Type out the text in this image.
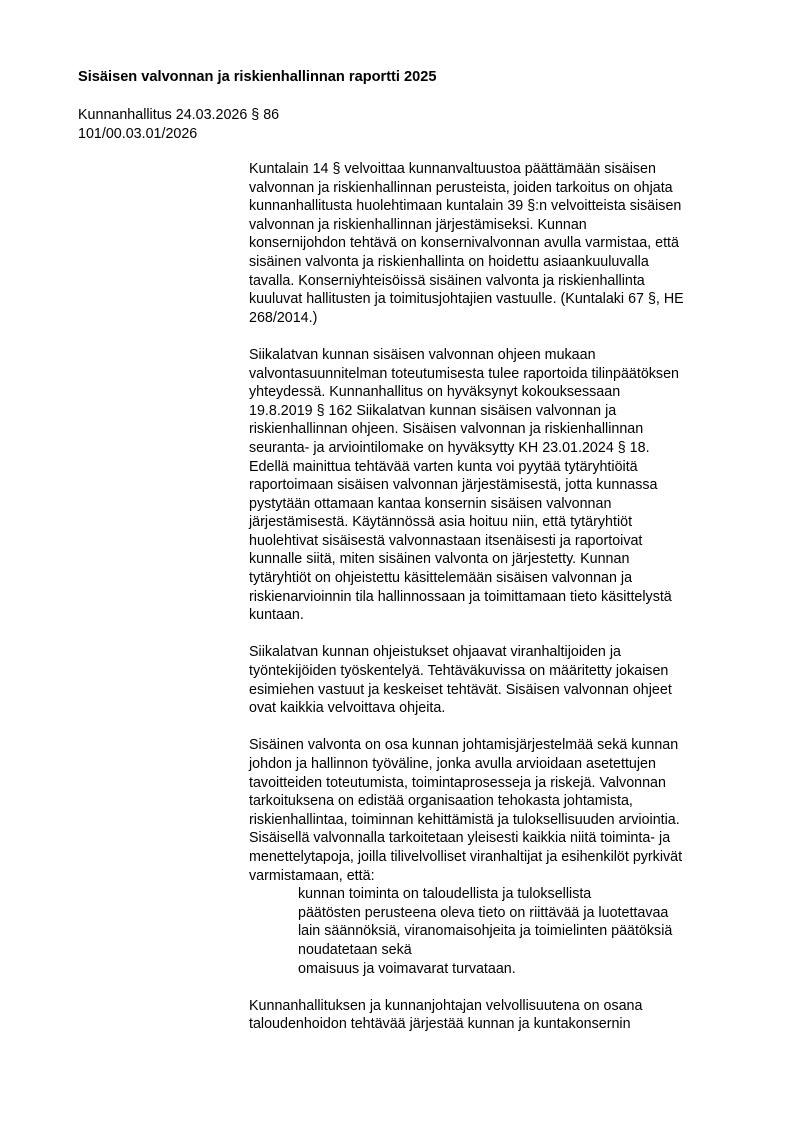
Sisäisen valvonnan ja riskienhallinnan raportti 2025
Kunnanhallitus 24.03.2026 § 86
101/00.03.01/2026
Kuntalain 14 § velvoittaa kunnanvaltuustoa päättämään sisäisen
valvonnan ja riskienhallinnan perusteista, joiden tarkoitus on ohjata
kunnanhallitusta huolehtimaan kuntalain 39 §:n velvoitteista sisäisen
valvonnan ja riskienhallinnan järjestämiseksi. Kunnan
konsernijohdon tehtävä on konsernivalvonnan avulla varmistaa, että
sisäinen valvonta ja riskienhallinta on hoidettu asiaankuuluvalla
tavalla. Konserniyhteisöissä sisäinen valvonta ja riskienhallinta
kuuluvat hallitusten ja toimitusjohtajien vastuulle. (Kuntalaki 67 §, HE
268/2014.)
Siikalatvan kunnan sisäisen valvonnan ohjeen mukaan
valvontasuunnitelman toteutumisesta tulee raportoida tilinpäätöksen
yhteydessä. Kunnanhallitus on hyväksynyt kokouksessaan
19.8.2019 § 162 Siikalatvan kunnan sisäisen valvonnan ja
riskienhallinnan ohjeen. Sisäisen valvonnan ja riskienhallinnan
seuranta- ja arviointilomake on hyväksytty KH 23.01.2024 § 18.
Edellä mainittua tehtävää varten kunta voi pyytää tytäryhtiöitä
raportoimaan sisäisen valvonnan järjestämisestä, jotta kunnassa
pystytään ottamaan kantaa konsernin sisäisen valvonnan
järjestämisestä. Käytännössä asia hoituu niin, että tytäryhtiöt
huolehtivat sisäisestä valvonnastaan itsenäisesti ja raportoivat
kunnalle siitä, miten sisäinen valvonta on järjestetty. Kunnan
tytäryhtiöt on ohjeistettu käsittelemään sisäisen valvonnan ja
riskienarvioinnin tila hallinnossaan ja toimittamaan tieto käsittelystä
kuntaan.
Siikalatvan kunnan ohjeistukset ohjaavat viranhaltijoiden ja
työntekijöiden työskentelyä. Tehtäväkuvissa on määritetty jokaisen
esimiehen vastuut ja keskeiset tehtävät. Sisäisen valvonnan ohjeet
ovat kaikkia velvoittava ohjeita.
Sisäinen valvonta on osa kunnan johtamisjärjestelmää sekä kunnan
johdon ja hallinnon työväline, jonka avulla arvioidaan asetettujen
tavoitteiden toteutumista, toimintaprosesseja ja riskejä. Valvonnan
tarkoituksena on edistää organisaation tehokasta johtamista,
riskienhallintaa, toiminnan kehittämistä ja tuloksellisuuden arviointia.
Sisäisellä valvonnalla tarkoitetaan yleisesti kaikkia niitä toiminta- ja
menettelytapoja, joilla tilivelvolliset viranhaltijat ja esihenkilöt pyrkivät
varmistamaan, että:
kunnan toiminta on taloudellista ja tuloksellista
päätösten perusteena oleva tieto on riittävää ja luotettavaa
lain säännöksiä, viranomaisohjeita ja toimielinten päätöksiä
noudatetaan sekä
omaisuus ja voimavarat turvataan.
Kunnanhallituksen ja kunnanjohtajan velvollisuutena on osana
taloudenhoidon tehtävää järjestää kunnan ja kuntakonsernin
